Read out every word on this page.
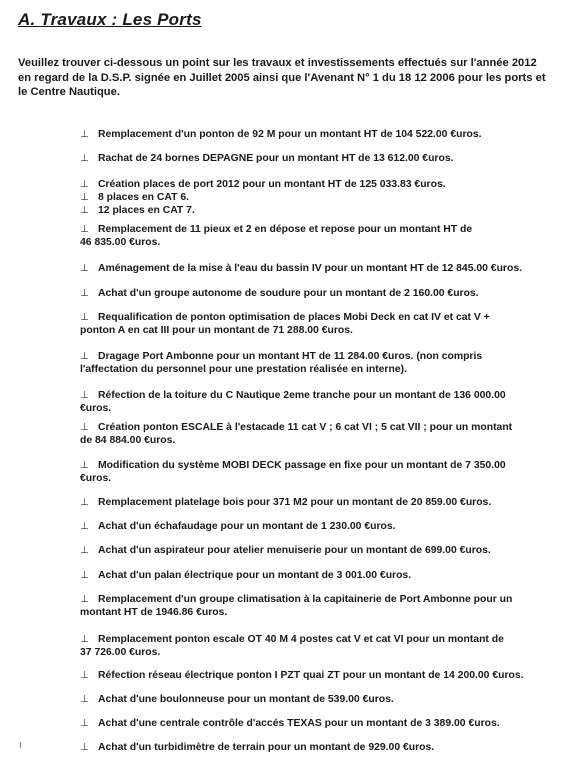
A. Travaux : Les Ports
Veuillez trouver ci-dessous un point sur les travaux et investissements effectués sur l'année 2012 en regard de la D.S.P. signée en Juillet 2005 ainsi que l'Avenant N° 1 du 18 12 2006 pour les ports et le Centre Nautique.
⊥ Remplacement d'un ponton de 92 M pour un montant HT de 104 522.00 €uros.
⊥ Rachat de 24 bornes DEPAGNE pour un montant HT de 13 612.00 €uros.
⊥ Création places de port 2012 pour un montant HT de 125 033.83 €uros.
⊥ 8 places en CAT 6.
⊥ 12 places en CAT 7.
⊥ Remplacement de 11 pieux et 2 en dépose et repose pour un montant HT de
46 835.00 €uros.
⊥ Aménagement de la mise à l'eau du bassin IV pour un montant HT de 12 845.00 €uros.
⊥ Achat d'un groupe autonome de soudure pour un montant de 2 160.00 €uros.
⊥ Requalification de ponton optimisation de places Mobi Deck en cat IV et cat V +
ponton A en cat III pour un montant de 71 288.00 €uros.
⊥ Dragage Port Ambonne pour un montant HT de 11 284.00 €uros. (non compris
l'affectation du personnel pour une prestation réalisée en interne).
⊥ Réfection de la toiture du C Nautique 2eme tranche pour un montant de 136 000.00
€uros.
⊥ Création ponton ESCALE à l'estacade 11 cat V ; 6 cat VI ; 5 cat VII ; pour un montant
de 84 884.00 €uros.
⊥ Modification du système MOBI DECK passage en fixe pour un montant de 7 350.00
€uros.
⊥ Remplacement platelage bois pour 371 M2 pour un montant de 20 859.00 €uros.
⊥ Achat d'un échafaudage pour un montant de 1 230.00 €uros.
⊥ Achat d'un aspirateur pour atelier menuiserie pour un montant de 699.00 €uros.
⊥ Achat d'un palan électrique pour un montant de 3 001.00 €uros.
⊥ Remplacement d'un groupe climatisation à la capitainerie de Port Ambonne pour un
montant HT de 1946.86 €uros.
⊥ Remplacement ponton escale OT 40 M 4 postes cat V et cat VI pour un montant de
37 726.00 €uros.
⊥ Réfection réseau électrique ponton I PZT quai ZT pour un montant de 14 200.00 €uros.
⊥ Achat d'une boulonneuse pour un montant de 539.00 €uros.
⊥ Achat d'une centrale contrôle d'accés TEXAS pour un montant de 3 389.00 €uros.
⊥ Achat d'un turbidimètre de terrain pour un montant de 929.00 €uros.
